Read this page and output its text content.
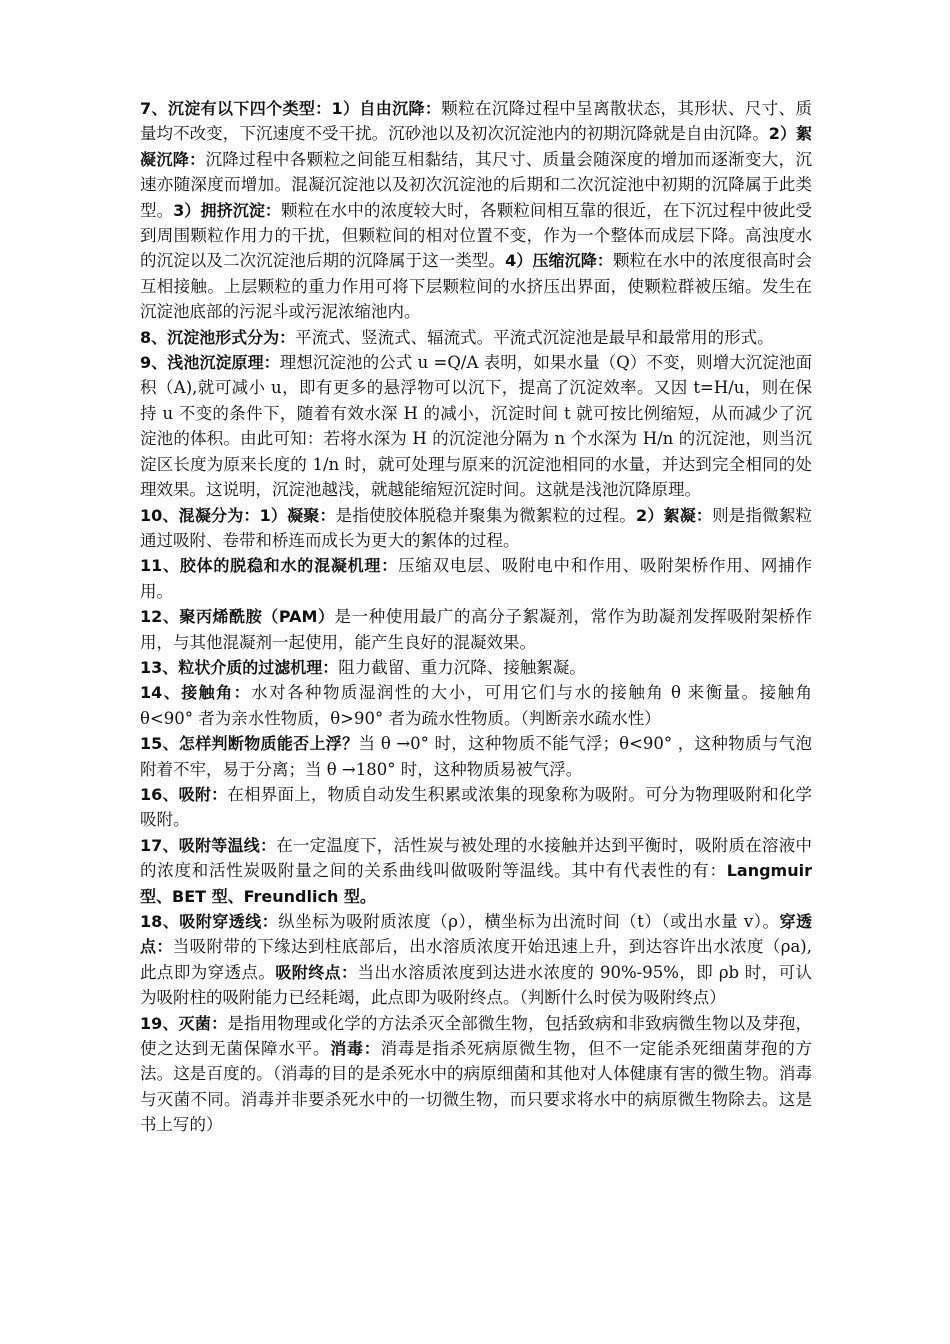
7、沉淀有以下四个类型：1）自由沉降：颗粒在沉降过程中呈离散状态，其形状、尺寸、质量均不改变，下沉速度不受干扰。沉砂池以及初次沉淀池内的初期沉降就是自由沉降。2）絮凝沉降：沉降过程中各颗粒之间能互相黏结，其尺寸、质量会随深度的增加而逐渐变大，沉速亦随深度而增加。混凝沉淀池以及初次沉淀池的后期和二次沉淀池中初期的沉降属于此类型。3）拥挤沉淀：颗粒在水中的浓度较大时，各颗粒间相互靠的很近，在下沉过程中彼此受到周围颗粒作用力的干扰，但颗粒间的相对位置不变，作为一个整体而成层下降。高浊度水的沉淀以及二次沉淀池后期的沉降属于这一类型。4）压缩沉降：颗粒在水中的浓度很高时会互相接触。上层颗粒的重力作用可将下层颗粒间的水挤压出界面，使颗粒群被压缩。发生在沉淀池底部的污泥斗或污泥浓缩池内。

8、沉淀池形式分为：平流式、竖流式、辐流式。平流式沉淀池是最早和最常用的形式。

9、浅池沉淀原理：理想沉淀池的公式 u =Q/A 表明，如果水量（Q）不变，则增大沉淀池面积（A),就可减小 u，即有更多的悬浮物可以沉下，提高了沉淀效率。又因 t=H/u，则在保持 u 不变的条件下，随着有效水深 H 的减小，沉淀时间 t 就可按比例缩短，从而减少了沉淀池的体积。由此可知：若将水深为 H 的沉淀池分隔为 n 个水深为 H/n 的沉淀池，则当沉淀区长度为原来长度的 1/n 时，就可处理与原来的沉淀池相同的水量，并达到完全相同的处理效果。这说明，沉淀池越浅，就越能缩短沉淀时间。这就是浅池沉降原理。

10、混凝分为：1）凝聚：是指使胶体脱稳并聚集为微絮粒的过程。2）絮凝：则是指微絮粒通过吸附、卷带和桥连而成长为更大的絮体的过程。

11、胶体的脱稳和水的混凝机理：压缩双电层、吸附电中和作用、吸附架桥作用、网捕作用。

12、聚丙烯酰胺（PAM）是一种使用最广的高分子絮凝剂，常作为助凝剂发挥吸附架桥作用，与其他混凝剂一起使用，能产生良好的混凝效果。

13、粒状介质的过滤机理：阻力截留、重力沉降、接触絮凝。

14、接触角：水对各种物质湿润性的大小，可用它们与水的接触角 θ 来衡量。接触角 θ<90° 者为亲水性物质，θ>90° 者为疏水性物质。（判断亲水疏水性）

15、怎样判断物质能否上浮？当 θ →0° 时，这种物质不能气浮；θ<90° ，这种物质与气泡附着不牢，易于分离；当 θ →180° 时，这种物质易被气浮。

16、吸附：在相界面上，物质自动发生积累或浓集的现象称为吸附。可分为物理吸附和化学吸附。

17、吸附等温线：在一定温度下，活性炭与被处理的水接触并达到平衡时，吸附质在溶液中的浓度和活性炭吸附量之间的关系曲线叫做吸附等温线。其中有代表性的有：Langmuir 型、BET 型、Freundlich 型。

18、吸附穿透线：纵坐标为吸附质浓度（ρ），横坐标为出流时间（t）（或出水量 v）。穿透点：当吸附带的下缘达到柱底部后，出水溶质浓度开始迅速上升，到达容许出水浓度（ρa),此点即为穿透点。吸附终点：当出水溶质浓度到达进水浓度的 90%-95%，即 ρb 时，可认为吸附柱的吸附能力已经耗竭，此点即为吸附终点。（判断什么时侯为吸附终点）

19、灭菌：是指用物理或化学的方法杀灭全部微生物，包括致病和非致病微生物以及芽孢，使之达到无菌保障水平。消毒：消毒是指杀死病原微生物，但不一定能杀死细菌芽孢的方法。这是百度的。（消毒的目的是杀死水中的病原细菌和其他对人体健康有害的微生物。消毒与灭菌不同。消毒并非要杀死水中的一切微生物，而只要求将水中的病原微生物除去。这是书上写的）
